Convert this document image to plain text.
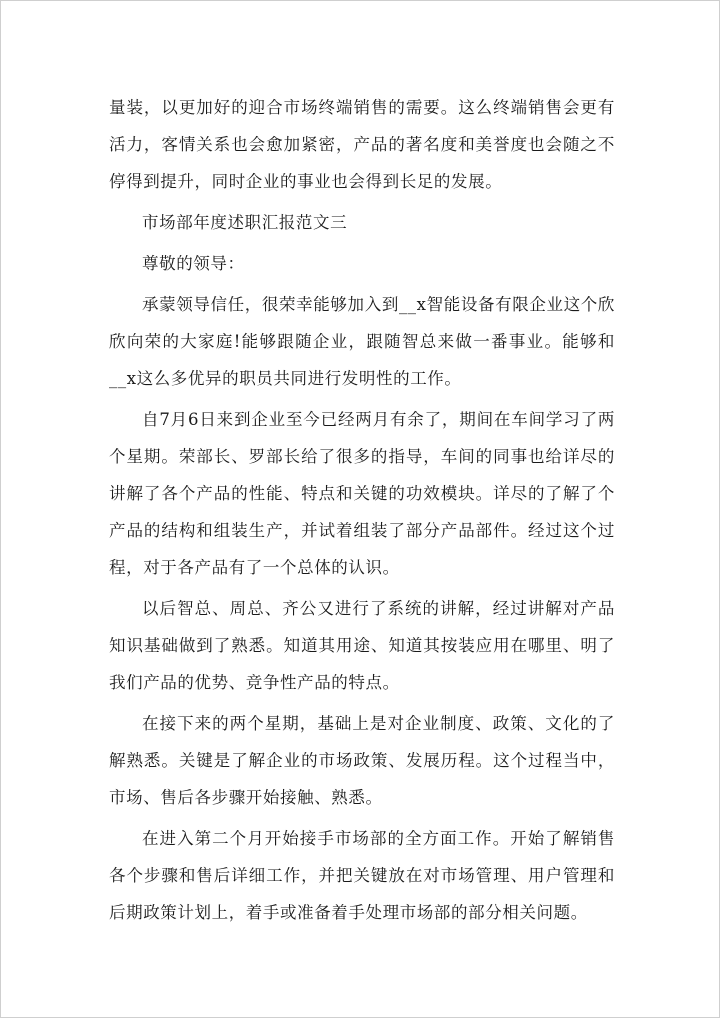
量装，以更加好的迎合市场终端销售的需要。这么终端销售会更有活力，客情关系也会愈加紧密，产品的著名度和美誉度也会随之不停得到提升，同时企业的事业也会得到长足的发展。

市场部年度述职汇报范文三

尊敬的领导：

承蒙领导信任，很荣幸能够加入到__x智能设备有限企业这个欣欣向荣的大家庭!能够跟随企业，跟随智总来做一番事业。能够和__x这么多优异的职员共同进行发明性的工作。

自7月6日来到企业至今已经两月有余了，期间在车间学习了两个星期。荣部长、罗部长给了很多的指导，车间的同事也给详尽的讲解了各个产品的性能、特点和关键的功效模块。详尽的了解了个产品的结构和组装生产，并试着组装了部分产品部件。经过这个过程，对于各产品有了一个总体的认识。

以后智总、周总、齐公又进行了系统的讲解，经过讲解对产品知识基础做到了熟悉。知道其用途、知道其按装应用在哪里、明了我们产品的优势、竞争性产品的特点。

在接下来的两个星期，基础上是对企业制度、政策、文化的了解熟悉。关键是了解企业的市场政策、发展历程。这个过程当中，市场、售后各步骤开始接触、熟悉。

在进入第二个月开始接手市场部的全方面工作。开始了解销售各个步骤和售后详细工作，并把关键放在对市场管理、用户管理和后期政策计划上，着手或准备着手处理市场部的部分相关问题。
